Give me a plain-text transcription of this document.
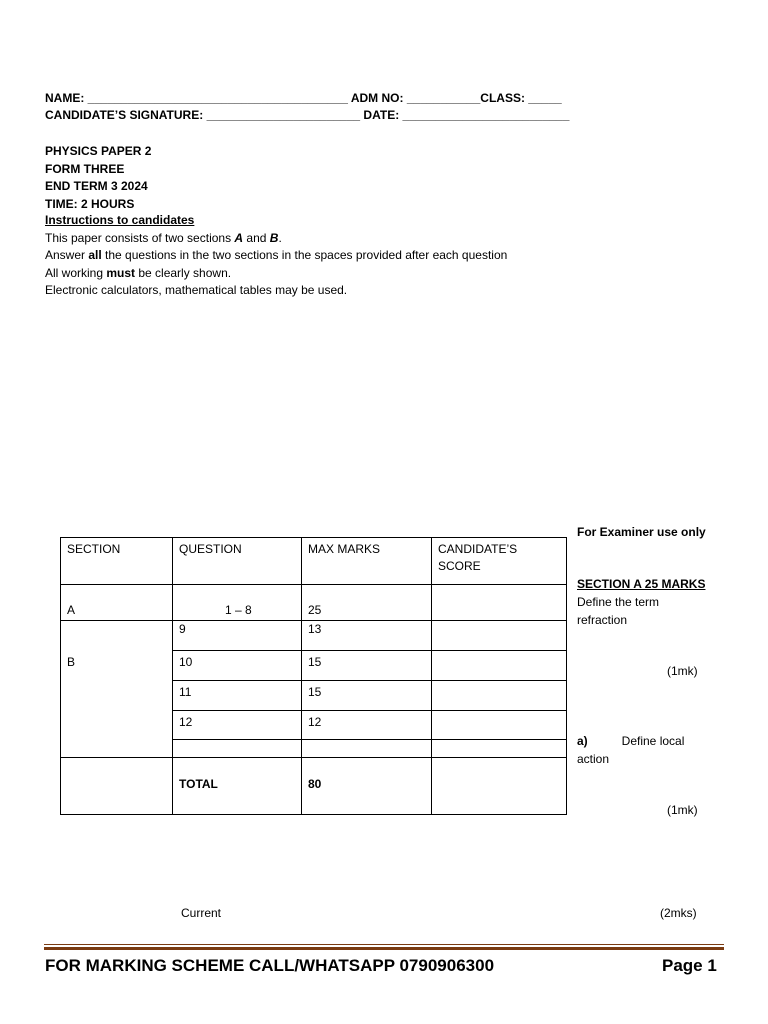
NAME: _______________________________________ ADM NO: ___________CLASS: _____
CANDIDATE’S SIGNATURE: _______________________ DATE: _________________________
PHYSICS PAPER 2
FORM THREE
END TERM 3 2024
TIME: 2 HOURS
Instructions to candidates
This paper consists of two sections A and B.
Answer all the questions in the two sections in the spaces provided after each question
All working must be clearly shown.
Electronic calculators, mathematical tables may be used.
SECTION	QUESTION	MAX MARKS	CANDIDATE’S SCORE
A	1 – 8	25	
B	9	13	
	10	15	
	11	15	
	12	12	

	TOTAL	80	
For Examiner use only
SECTION A 25 MARKS
Define the term refraction
(1mk)
a)	Define local
action
(1mk)
Current	(2mks)
FOR MARKING SCHEME CALL/WHATSAPP 0790906300	Page 1
